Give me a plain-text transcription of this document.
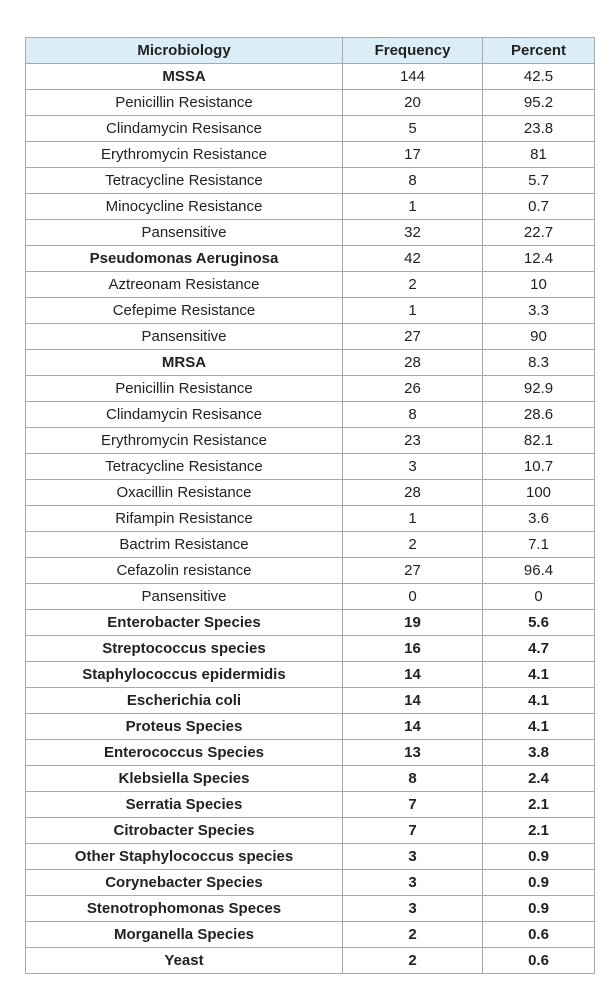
Microbiology	Frequency	Percent
MSSA	144	42.5
Penicillin Resistance	20	95.2
Clindamycin Resisance	5	23.8
Erythromycin Resistance	17	81
Tetracycline Resistance	8	5.7
Minocycline Resistance	1	0.7
Pansensitive	32	22.7
Pseudomonas Aeruginosa	42	12.4
Aztreonam Resistance	2	10
Cefepime Resistance	1	3.3
Pansensitive	27	90
MRSA	28	8.3
Penicillin Resistance	26	92.9
Clindamycin Resisance	8	28.6
Erythromycin Resistance	23	82.1
Tetracycline Resistance	3	10.7
Oxacillin Resistance	28	100
Rifampin Resistance	1	3.6
Bactrim Resistance	2	7.1
Cefazolin resistance	27	96.4
Pansensitive	0	0
Enterobacter Species	19	5.6
Streptococcus species	16	4.7
Staphylococcus epidermidis	14	4.1
Escherichia coli	14	4.1
Proteus Species	14	4.1
Enterococcus Species	13	3.8
Klebsiella Species	8	2.4
Serratia Species	7	2.1
Citrobacter Species	7	2.1
Other Staphylococcus species	3	0.9
Corynebacter Species	3	0.9
Stenotrophomonas Speces	3	0.9
Morganella Species	2	0.6
Yeast	2	0.6
